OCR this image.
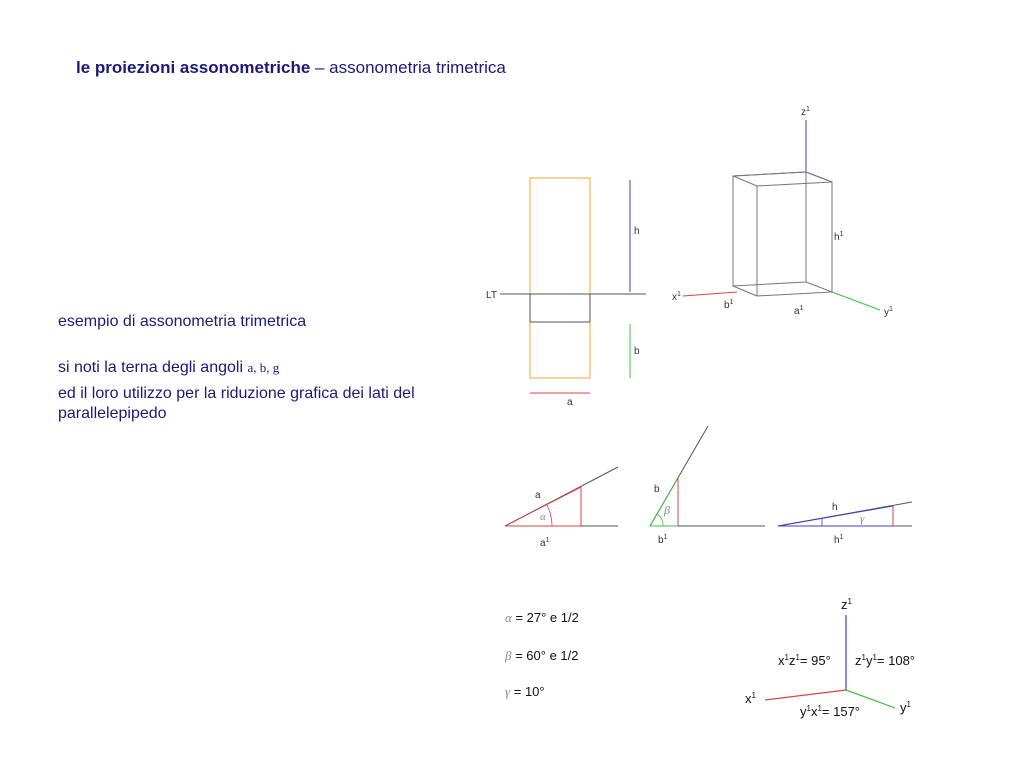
le proiezioni assonometriche – assonometria trimetrica
esempio di assonometria trimetrica
si noti la terna degli angoli a, b, g
ed il loro utilizzo per la riduzione grafica dei lati del parallelepipedo
LT
h
b
a
$z^1$
$x^1$
$y^1$
$h^1$
$b^1$
$a^1$
α
a
$a^1$
β
b
$b^1$
γ
h
$h^1$
α = 27° e 1/2
β = 60° e 1/2
γ = 10°
$z^1$
$x^1$
$y^1$
$x^1z^1= 95^\circ$ $z^1y^1= 108^\circ$
$y^1x^1= 157^\circ$
